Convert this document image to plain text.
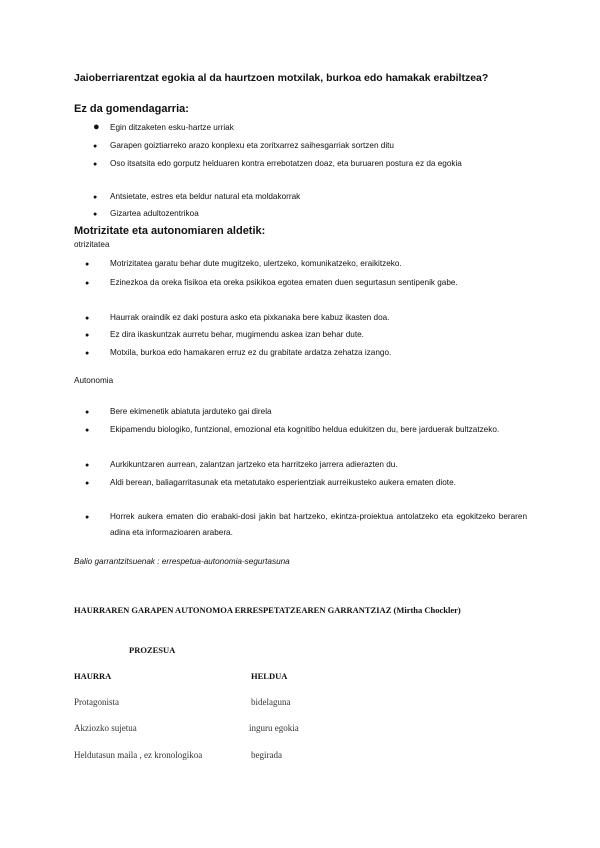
Jaioberriarentzat egokia al da haurtzoen motxilak, burkoa edo hamakak erabiltzea?
Ez da gomendagarria:
●	Egin ditzaketen esku-hartze urriak
●	Garapen goiztiarreko arazo konplexu eta zoritxarrez saihesgarriak sortzen ditu
●	Oso itsatsita edo gorputz helduaren kontra errebotatzen doaz, eta buruaren postura ez da egokia
●	Antsietate, estres eta beldur natural eta moldakorrak
●	Gizartea adultozentrikoa
Motrizitate eta autonomiaren aldetik:
otrizitatea
●	Motrizitatea garatu behar dute mugitzeko, ulertzeko, komunikatzeko, eraikitzeko.
●	Ezinezkoa da oreka fisikoa eta oreka psikikoa egotea ematen duen segurtasun sentipenik gabe.
●	Haurrak oraindik ez daki postura asko eta pixkanaka bere kabuz ikasten doa.
●	Ez dira ikaskuntzak aurretu behar, mugimendu askea izan behar dute.
●	Motxila, burkoa edo hamakaren erruz ez du grabitate ardatza zehatza izango.
Autonomia
●	Bere ekimenetik abiatuta jarduteko gai direla
●	Ekipamendu biologiko, funtzional, emozional eta kognitibo heldua edukitzen du, bere jarduerak bultzatzeko.
●	Aurkikuntzaren aurrean, zalantzan jartzeko eta harritzeko jarrera adierazten du.
●	Aldi berean, baliagarritasunak eta metatutako esperientziak aurreikusteko aukera ematen diote.
●	Horrek aukera ematen dio erabaki-dosi jakin bat hartzeko, ekintza-proiektua antolatzeko eta egokitzeko beraren adina eta informazioaren arabera.
Balio garrantzitsuenak : errespetua-autonomia-segurtasuna
HAURRAREN GARAPEN AUTONOMOA ERRESPETATZEAREN GARRANTZIAZ (Mirtha Chockler)
PROZESUA
HAURRA	HELDUA
Protagonista	bidelaguna
Akziozko sujetua	inguru egokia
Heldutasun maila , ez kronologikoa	begirada
